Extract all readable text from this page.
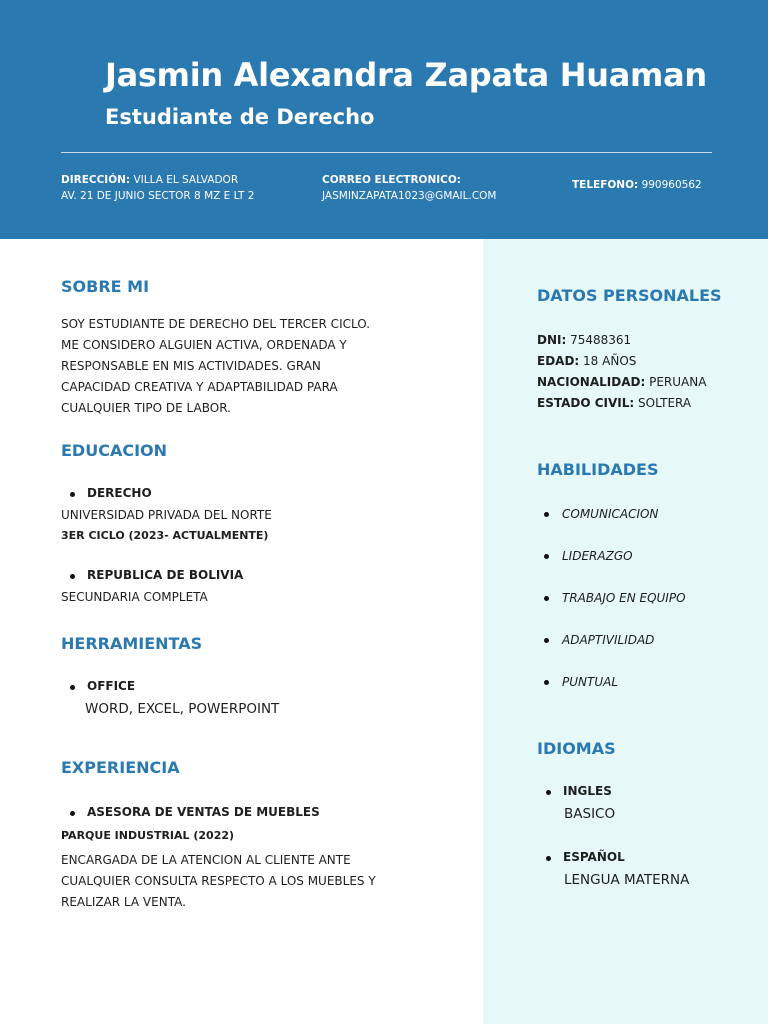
Jasmin Alexandra Zapata Huaman
Estudiante de Derecho
DIRECCIÓN: VILLA EL SALVADOR
AV. 21 DE JUNIO SECTOR 8 MZ E LT 2
CORREO ELECTRONICO:
JASMINZAPATA1023@GMAIL.COM
TELEFONO: 990960562
SOBRE MI

SOY ESTUDIANTE DE DERECHO DEL TERCER CICLO. ME CONSIDERO ALGUIEN ACTIVA, ORDENADA Y RESPONSABLE EN MIS ACTIVIDADES. GRAN CAPACIDAD CREATIVA Y ADAPTABILIDAD PARA CUALQUIER TIPO DE LABOR.

EDUCACION
DERECHO
UNIVERSIDAD PRIVADA DEL NORTE
3ER CICLO (2023- ACTUALMENTE)
REPUBLICA DE BOLIVIA
SECUNDARIA COMPLETA
HERRAMIENTAS
OFFICE
WORD, EXCEL, POWERPOINT
EXPERIENCIA
ASESORA DE VENTAS DE MUEBLES
PARQUE INDUSTRIAL (2022)

ENCARGADA DE LA ATENCION AL CLIENTE ANTE CUALQUIER CONSULTA RESPECTO A LOS MUEBLES Y REALIZAR LA VENTA.

DATOS PERSONALES
DNI: 75488361
EDAD: 18 AÑOS
NACIONALIDAD: PERUANA
ESTADO CIVIL: SOLTERA
HABILIDADES
COMUNICACION
LIDERAZGO
TRABAJO EN EQUIPO
ADAPTIVILIDAD
PUNTUAL
IDIOMAS
INGLES
BASICO
ESPAÑOL
LENGUA MATERNA
